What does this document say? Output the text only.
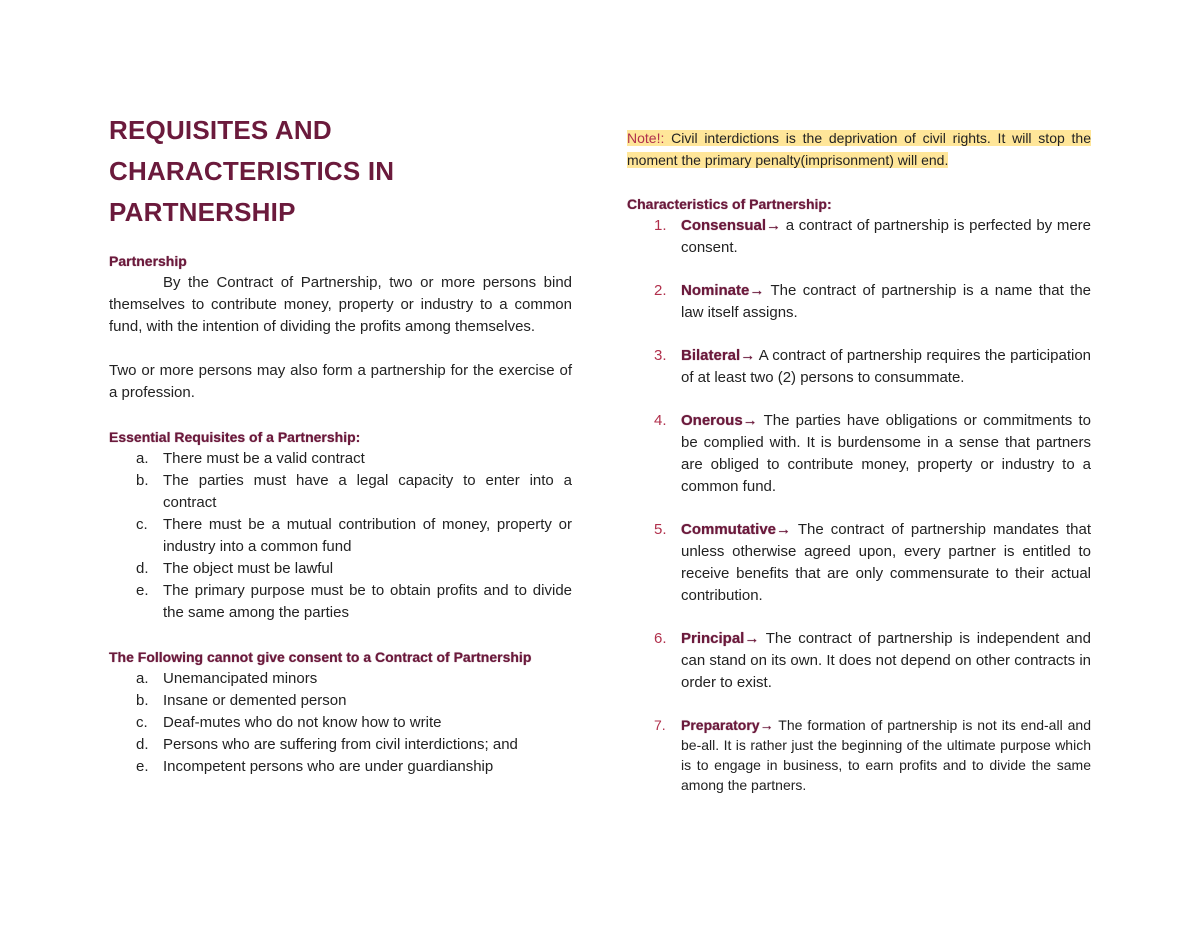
REQUISITES AND CHARACTERISTICS IN PARTNERSHIP
Partnership

By the Contract of Partnership, two or more persons bind themselves to contribute money, property or industry to a common fund, with the intention of dividing the profits among themselves.

Two or more persons may also form a partnership for the exercise of a profession.

Essential Requisites of a Partnership:
a. There must be a valid contract
b. The parties must have a legal capacity to enter into a contract
c. There must be a mutual contribution of money, property or industry into a common fund
d. The object must be lawful
e. The primary purpose must be to obtain profits and to divide the same among the parties
The Following cannot give consent to a Contract of Partnership
a. Unemancipated minors
b. Insane or demented person
c. Deaf-mutes who do not know how to write
d. Persons who are suffering from civil interdictions; and
e. Incompetent persons who are under guardianship

Note!: Civil interdictions is the deprivation of civil rights. It will stop the moment the primary penalty(imprisonment) will end.

Characteristics of Partnership:
1. Consensual→ a contract of partnership is perfected by mere consent.
2. Nominate→ The contract of partnership is a name that the law itself assigns.
3. Bilateral→ A contract of partnership requires the participation of at least two (2) persons to consummate.
4. Onerous→ The parties have obligations or commitments to be complied with. It is burdensome in a sense that partners are obliged to contribute money, property or industry to a common fund.
5. Commutative→ The contract of partnership mandates that unless otherwise agreed upon, every partner is entitled to receive benefits that are only commensurate to their actual contribution.
6. Principal→ The contract of partnership is independent and can stand on its own. It does not depend on other contracts in order to exist.
7. Preparatory→ The formation of partnership is not its end-all and be-all. It is rather just the beginning of the ultimate purpose which is to engage in business, to earn profits and to divide the same among the partners.
